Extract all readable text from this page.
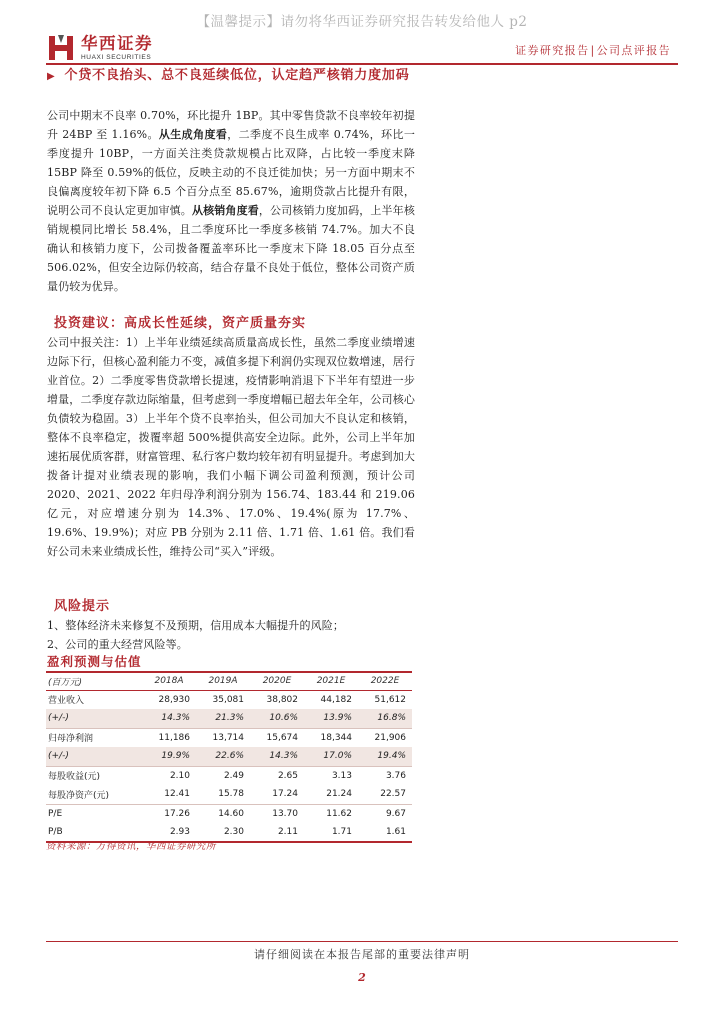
【温馨提示】请勿将华西证券研究报告转发给他人 p2
华西证券
HUAXI SECURITIES	证券研究报告|公司点评报告
▶ 个贷不良抬头、总不良延续低位，认定趋严核销力度加码
公司中期末不良率 0.70%，环比提升 1BP。其中零售贷款不良率较年初提升 24BP 至 1.16%。从生成角度看，二季度不良生成率 0.74%，环比一季度提升 10BP，一方面关注类贷款规模占比双降，占比较一季度末降 15BP 降至 0.59%的低位，反映主动的不良迁徙加快；另一方面中期末不良偏离度较年初下降 6.5 个百分点至 85.67%，逾期贷款占比提升有限，说明公司不良认定更加审慎。从核销角度看，公司核销力度加码，上半年核销规模同比增长 58.4%，且二季度环比一季度多核销 74.7%。加大不良确认和核销力度下，公司拨备覆盖率环比一季度末下降 18.05 百分点至 506.02%，但安全边际仍较高，结合存量不良处于低位，整体公司资产质量仍较为优异。
投资建议：高成长性延续，资产质量夯实
公司中报关注：1）上半年业绩延续高质量高成长性，虽然二季度业绩增速边际下行，但核心盈利能力不变，减值多提下利润仍实现双位数增速，居行业首位。2）二季度零售贷款增长提速，疫情影响消退下下半年有望进一步增量，二季度存款边际缩量，但考虑到一季度增幅已超去年全年，公司核心负债较为稳固。3）上半年个贷不良率抬头，但公司加大不良认定和核销，整体不良率稳定，拨覆率超 500%提供高安全边际。此外，公司上半年加速拓展优质客群，财富管理、私行客户数均较年初有明显提升。考虑到加大拨备计提对业绩表现的影响，我们小幅下调公司盈利预测，预计公司 2020、2021、2022 年归母净利润分别为 156.74、183.44 和 219.06 亿元，对应增速分别为 14.3%、17.0%、19.4%(原为 17.7%、19.6%、19.9%)；对应 PB 分别为 2.11 倍、1.71 倍、1.61 倍。我们看好公司未来业绩成长性，维持公司“买入”评级。
风险提示
1、整体经济未来修复不及预期，信用成本大幅提升的风险；
2、公司的重大经营风险等。
盈利预测与估值
(百万元)	2018A	2019A	2020E	2021E	2022E
营业收入	28,930	35,081	38,802	44,182	51,612
(+/-)	14.3%	21.3%	10.6%	13.9%	16.8%
归母净利润	11,186	13,714	15,674	18,344	21,906
(+/-)	19.9%	22.6%	14.3%	17.0%	19.4%
每股收益(元)	2.10	2.49	2.65	3.13	3.76
每股净资产(元)	12.41	15.78	17.24	21.24	22.57
P/E	17.26	14.60	13.70	11.62	9.67
P/B	2.93	2.30	2.11	1.71	1.61
资料来源：万得资讯，华西证券研究所
请仔细阅读在本报告尾部的重要法律声明
2
